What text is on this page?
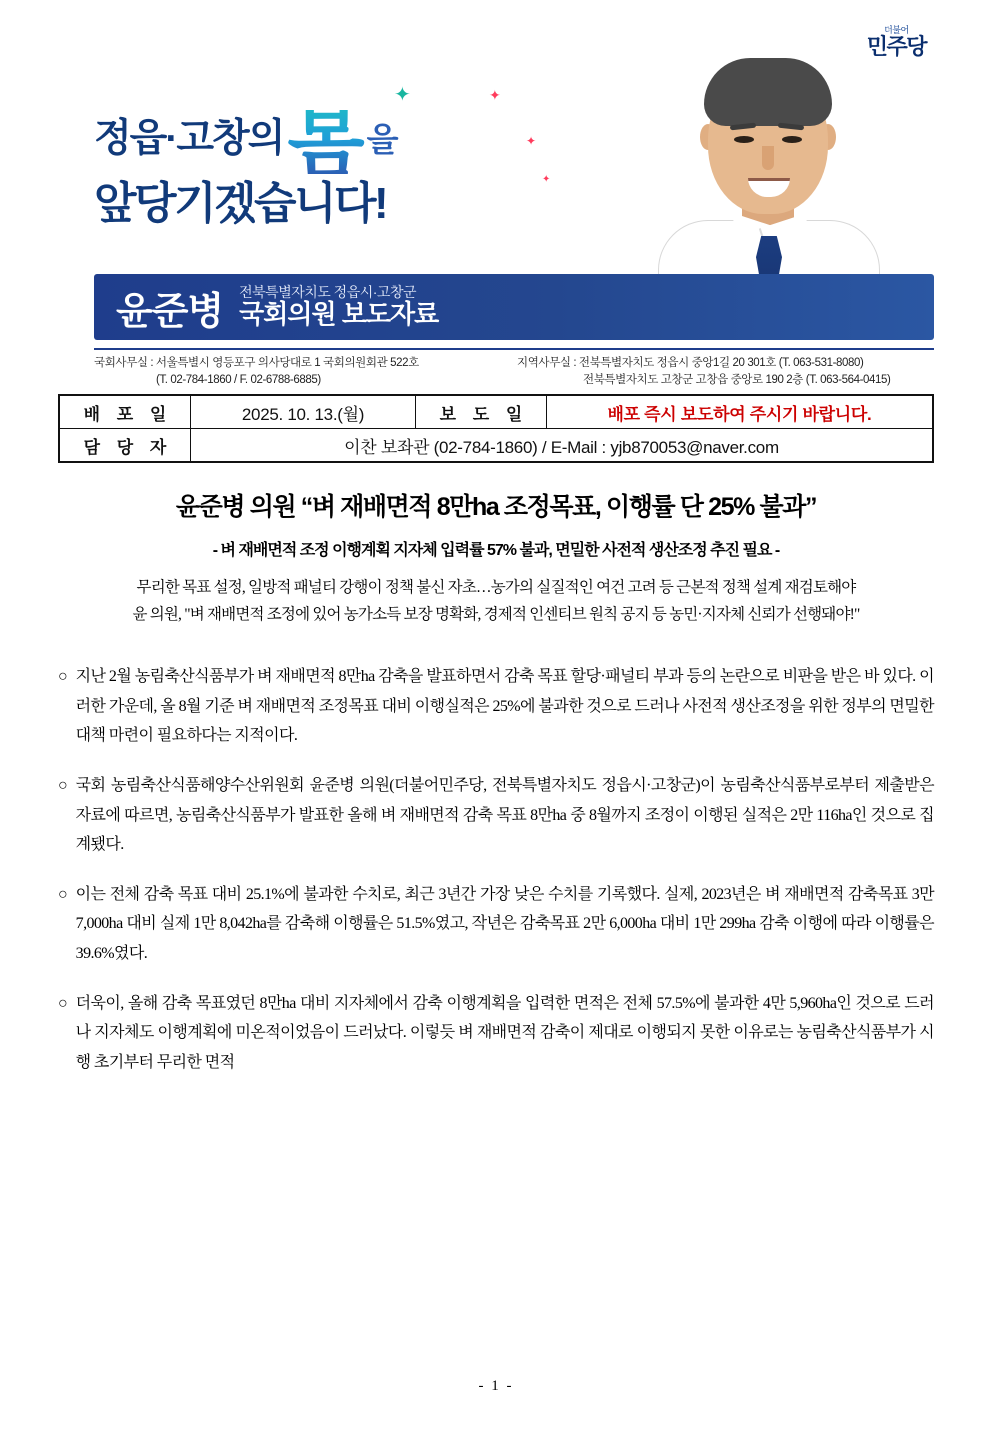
더불어
민주당
✦	✦
✦
✦
정읍·고창의봄 을
앞당기겠습니다!
윤준병 전북특별자치도 정읍시·고창군
국회의원 보도자료
국회사무실 : 서울특별시 영등포구 의사당대로 1 국회의원회관 522호
(T. 02-784-1860 / F. 02-6788-6885)
지역사무실 : 전북특별자치도 정읍시 중앙1길 20 301호 (T. 063-531-8080)
전북특별자치도 고창군 고창읍 중앙로 190 2층 (T. 063-564-0415)
배 포 일	2025. 10. 13.(월)	보 도 일	배포 즉시 보도하여 주시기 바랍니다.
담 당 자	이찬 보좌관 (02-784-1860) / E-Mail : yjb870053@naver.com		
윤준병 의원 “벼 재배면적 8만ha 조정목표, 이행률 단 25% 불과”
- 벼 재배면적 조정 이행계획 지자체 입력률 57% 불과, 면밀한 사전적 생산조정 추진 필요 -
무리한 목표 설정, 일방적 패널티 강행이 정책 불신 자초…농가의 실질적인 여건 고려 등 근본적 정책 설계 재검토해야
윤 의원, "벼 재배면적 조정에 있어 농가소득 보장 명확화, 경제적 인센티브 원칙 공지 등 농민·지자체 신뢰가 선행돼야!"
○ 지난 2월 농림축산식품부가 벼 재배면적 8만ha 감축을 발표하면서 감축 목표 할당·패널티 부과 등의 논란으로 비판을 받은 바 있다. 이러한 가운데, 올 8월 기준 벼 재배면적 조정목표 대비 이행실적은 25%에 불과한 것으로 드러나 사전적 생산조정을 위한 정부의 면밀한 대책 마련이 필요하다는 지적이다.
○ 국회 농림축산식품해양수산위원회 윤준병 의원(더불어민주당, 전북특별자치도 정읍시·고창군)이 농림축산식품부로부터 제출받은 자료에 따르면, 농림축산식품부가 발표한 올해 벼 재배면적 감축 목표 8만ha 중 8월까지 조정이 이행된 실적은 2만 116ha인 것으로 집계됐다.
○ 이는 전체 감축 목표 대비 25.1%에 불과한 수치로, 최근 3년간 가장 낮은 수치를 기록했다. 실제, 2023년은 벼 재배면적 감축목표 3만 7,000ha 대비 실제 1만 8,042ha를 감축해 이행률은 51.5%였고, 작년은 감축목표 2만 6,000ha 대비 1만 299ha 감축 이행에 따라 이행률은 39.6%였다.
○ 더욱이, 올해 감축 목표였던 8만ha 대비 지자체에서 감축 이행계획을 입력한 면적은 전체 57.5%에 불과한 4만 5,960ha인 것으로 드러나 지자체도 이행계획에 미온적이었음이 드러났다. 이렇듯 벼 재배면적 감축이 제대로 이행되지 못한 이유로는 농림축산식품부가 시행 초기부터 무리한 면적
- 1 -
